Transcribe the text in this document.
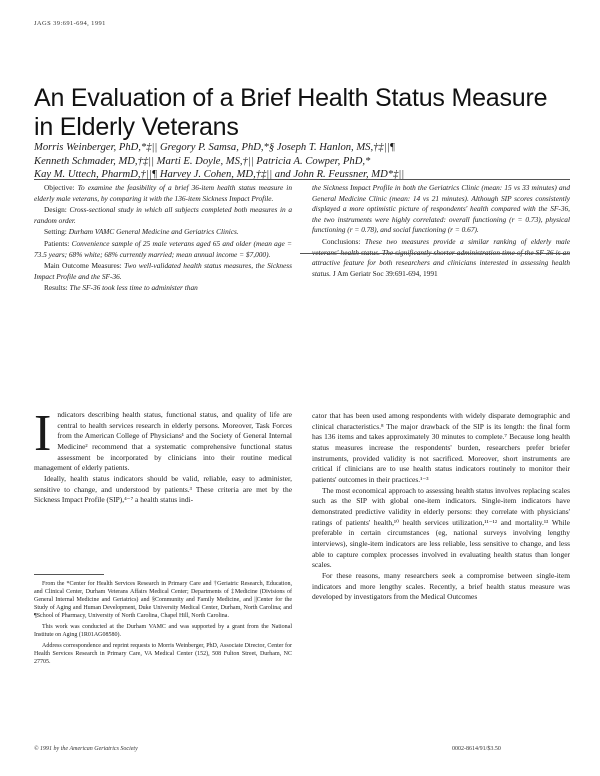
JAGS 39:691-694, 1991
An Evaluation of a Brief Health Status Measure
in Elderly Veterans
Morris Weinberger, PhD,*‡|| Gregory P. Samsa, PhD,*§ Joseph T. Hanlon, MS,†‡||¶
Kenneth Schmader, MD,†‡|| Marti E. Doyle, MS,†|| Patricia A. Cowper, PhD,*
Kay M. Uttech, PharmD,†||¶ Harvey J. Cohen, MD,†‡|| and John R. Feussner, MD*‡||

Objective: To examine the feasibility of a brief 36-item health status measure in elderly male veterans, by comparing it with the 136-item Sickness Impact Profile.

Design: Cross-sectional study in which all subjects completed both measures in a random order.

Setting: Durham VAMC General Medicine and Geriatrics Clinics.

Patients: Convenience sample of 25 male veterans aged 65 and older (mean age = 73.5 years; 68% white; 68% currently married; mean annual income = $7,000).

Main Outcome Measures: Two well-validated health status measures, the Sickness Impact Profile and the SF-36.

Results: The SF-36 took less time to administer than

the Sickness Impact Profile in both the Geriatrics Clinic (mean: 15 vs 33 minutes) and General Medicine Clinic (mean: 14 vs 21 minutes). Although SIP scores consistently displayed a more optimistic picture of respondents' health compared with the SF-36, the two instruments were highly correlated: overall functioning (r = 0.73), physical functioning (r = 0.78), and social functioning (r = 0.67).

Conclusions: These two measures provide a similar ranking of elderly male veterans' health status. The significantly shorter administration time of the SF-36 is an attractive feature for both researchers and clinicians interested in assessing health status. J Am Geriatr Soc 39:691-694, 1991

Indicators describing health status, functional status, and quality of life are central to health services research in elderly persons. Moreover, Task Forces from the American College of Physicians¹ and the Society of General Internal Medicine² recommend that a systematic comprehensive functional status assessment be incorporated by clinicians into their routine medical management of elderly patients.

Ideally, health status indicators should be valid, reliable, easy to administer, sensitive to change, and understood by patients.³ These criteria are met by the Sickness Impact Profile (SIP),⁴⁻⁷ a health status indi-

cator that has been used among respondents with widely disparate demographic and clinical characteristics.⁸ The major drawback of the SIP is its length: the final form has 136 items and takes approximately 30 minutes to complete.⁷ Because long health status measures increase the respondents' burden, researchers prefer briefer instruments, provided validity is not sacrificed. Moreover, short instruments are critical if clinicians are to use health status indicators routinely to monitor their patients' outcomes in their practices.¹⁻³

The most economical approach to assessing health status involves replacing scales such as the SIP with global one-item indicators. Single-item indicators have demonstrated predictive validity in elderly persons: they correlate with physicians' ratings of patients' health,¹⁰ health services utilization,¹¹⁻¹² and mortality.¹³ While preferable in certain circumstances (eg, national surveys involving lengthy interviews), single-item indicators are less reliable, less sensitive to change, and less able to capture complex processes involved in evaluating health status than longer scales.

For these reasons, many researchers seek a compromise between single-item indicators and more lengthy scales. Recently, a brief health status measure was developed by investigators from the Medical Outcomes

From the *Center for Health Services Research in Primary Care and †Geriatric Research, Education, and Clinical Center, Durham Veterans Affairs Medical Center; Departments of ‡Medicine (Divisions of General Internal Medicine and Geriatrics) and §Community and Family Medicine, and ||Center for the Study of Aging and Human Development, Duke University Medical Center, Durham, North Carolina; and ¶School of Pharmacy, University of North Carolina, Chapel Hill, North Carolina.

This work was conducted at the Durham VAMC and was supported by a grant from the National Institute on Aging (1R01AG08580).

Address correspondence and reprint requests to Morris Weinberger, PhD, Associate Director, Center for Health Services Research in Primary Care, VA Medical Center (152), 508 Fulton Street, Durham, NC 27705.

© 1991 by the American Geriatrics Society	0002-8614/91/$3.50
